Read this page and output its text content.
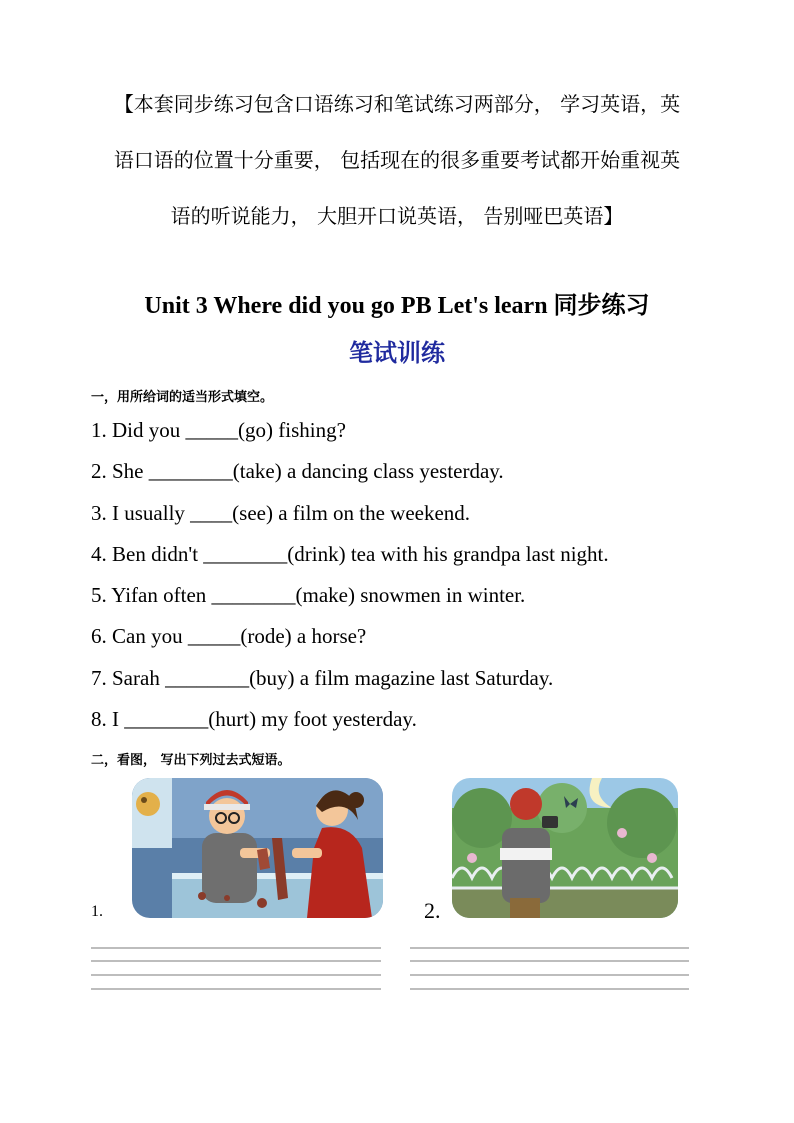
【本套同步练习包含口语练习和笔试练习两部分， 学习英语，英
语口语的位置十分重要， 包括现在的很多重要考试都开始重视英
语的听说能力， 大胆开口说英语， 告别哑巴英语】
Unit 3 Where did you go PB Let's learn 同步练习
笔试训练
一，用所给词的适当形式填空。
1. Did you _____(go) fishing?
2. She ________(take) a dancing class yesterday.
3. I usually ____(see) a film on the weekend.
4. Ben didn't ________(drink) tea with his grandpa last night.
5. Yifan often ________(make) snowmen in winter.
6. Can you _____(rode) a horse?
7. Sarah ________(buy) a film magazine last Saturday.
8. I ________(hurt) my foot yesterday.
二，看图， 写出下列过去式短语。
1.	2.
